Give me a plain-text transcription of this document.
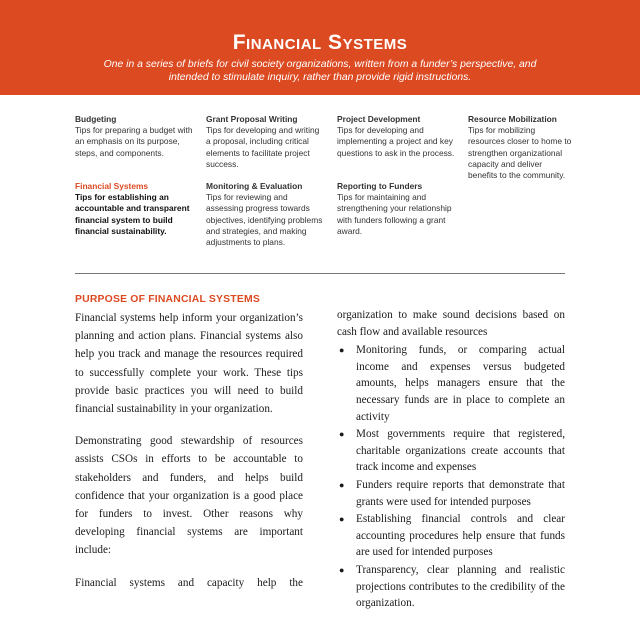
Financial Systems
One in a series of briefs for civil society organizations, written from a funder’s perspective, and intended to stimulate inquiry, rather than provide rigid instructions.
Budgeting
Tips for preparing a budget with an emphasis on its purpose, steps, and components.
Financial Systems
Tips for establishing an accountable and transparent financial system to build financial sustainability.
Grant Proposal Writing
Tips for developing and writing a proposal, including critical elements to facilitate project success.
Monitoring & Evaluation
Tips for reviewing and assessing progress towards objectives, identifying problems and strategies, and making adjustments to plans.
Project Development
Tips for developing and implementing a project and key questions to ask in the process.
Reporting to Funders
Tips for maintaining and strengthening your relationship with funders following a grant award.
Resource Mobilization
Tips for mobilizing resources closer to home to strengthen organizational capacity and deliver benefits to the community.
PURPOSE OF FINANCIAL SYSTEMS

Financial systems help inform your organization’s planning and action plans. Financial systems also help you track and manage the resources required to successfully complete your work. These tips provide basic practices you will need to build financial sustainability in your organization.

Demonstrating good stewardship of resources assists CSOs in efforts to be accountable to stakeholders and funders, and helps build confidence that your organization is a good place for funders to invest. Other reasons why developing financial systems are important include:

Financial systems and capacity help the

organization to make sound decisions based on cash flow and available resources

● Monitoring funds, or comparing actual income and expenses versus budgeted amounts, helps managers ensure that the necessary funds are in place to complete an activity
● Most governments require that registered, charitable organizations create accounts that track income and expenses
● Funders require reports that demonstrate that grants were used for intended purposes
● Establishing financial controls and clear accounting procedures help ensure that funds are used for intended purposes
● Transparency, clear planning and realistic projections contributes to the credibility of the organization.
